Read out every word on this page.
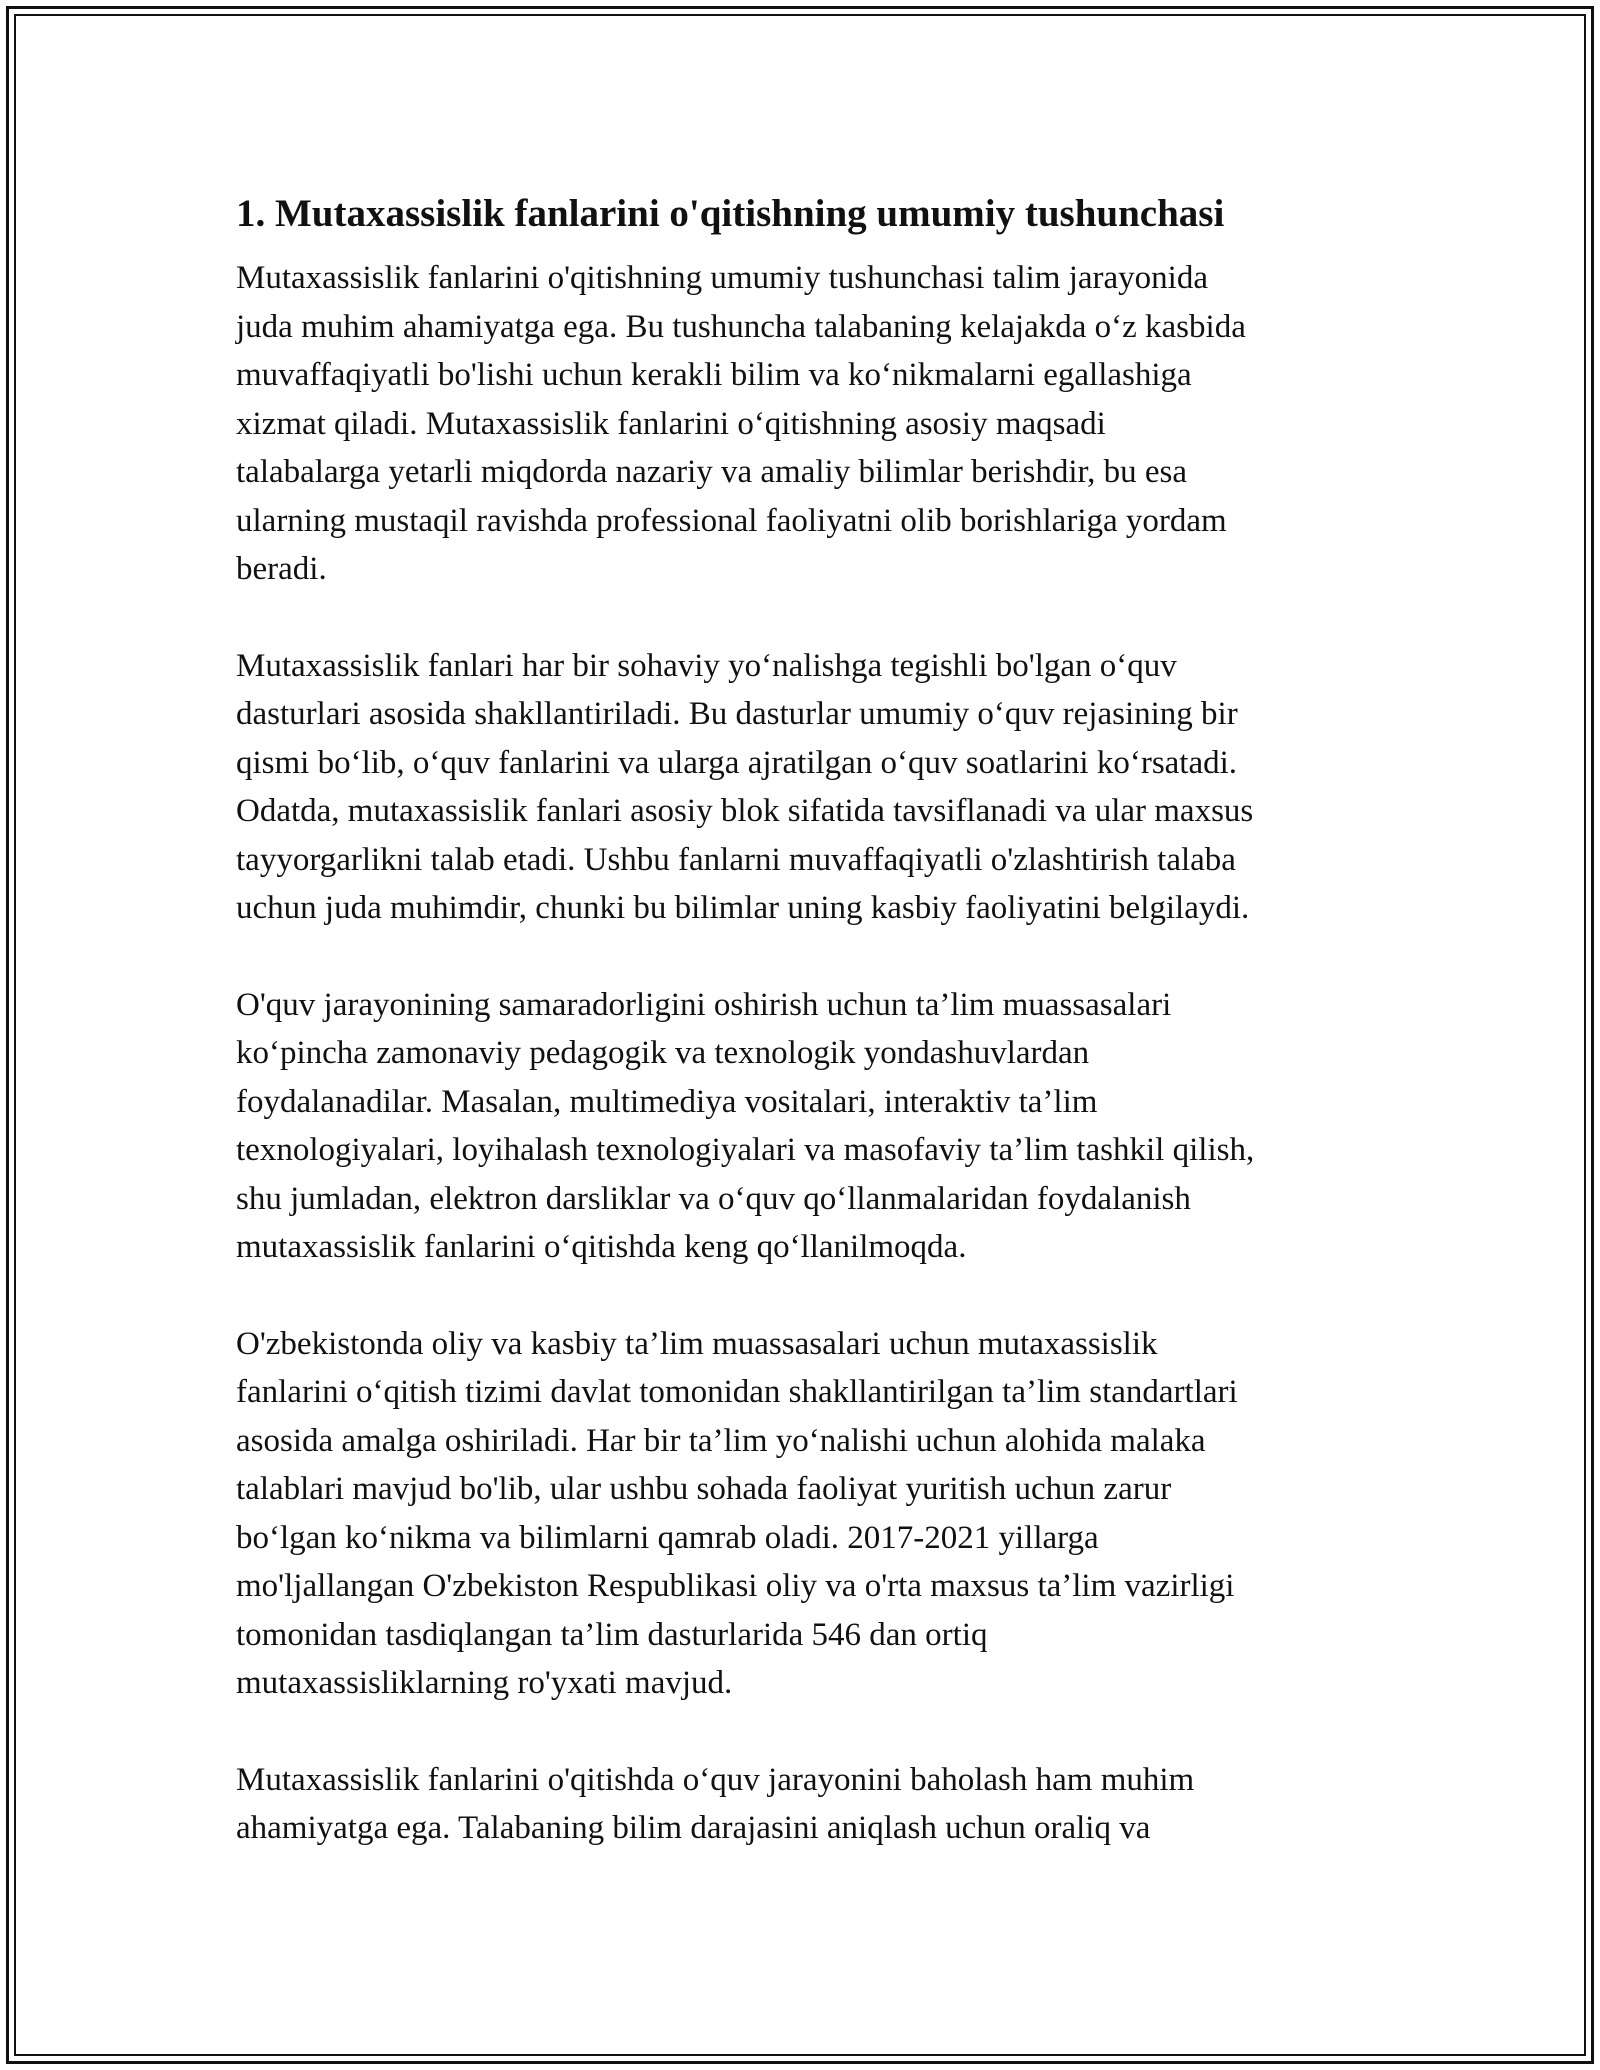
1. Mutaxassislik fanlarini o'qitishning umumiy tushunchasi
Mutaxassislik fanlarini o'qitishning umumiy tushunchasi talim jarayonida
juda muhim ahamiyatga ega. Bu tushuncha talabaning kelajakda o‘z kasbida
muvaffaqiyatli bo'lishi uchun kerakli bilim va ko‘nikmalarni egallashiga
xizmat qiladi. Mutaxassislik fanlarini o‘qitishning asosiy maqsadi
talabalarga yetarli miqdorda nazariy va amaliy bilimlar berishdir, bu esa
ularning mustaqil ravishda professional faoliyatni olib borishlariga yordam
beradi.
Mutaxassislik fanlari har bir sohaviy yo‘nalishga tegishli bo'lgan o‘quv
dasturlari asosida shakllantiriladi. Bu dasturlar umumiy o‘quv rejasining bir
qismi bo‘lib, o‘quv fanlarini va ularga ajratilgan o‘quv soatlarini ko‘rsatadi.
Odatda, mutaxassislik fanlari asosiy blok sifatida tavsiflanadi va ular maxsus
tayyorgarlikni talab etadi. Ushbu fanlarni muvaffaqiyatli o'zlashtirish talaba
uchun juda muhimdir, chunki bu bilimlar uning kasbiy faoliyatini belgilaydi.
O'quv jarayonining samaradorligini oshirish uchun ta’lim muassasalari
ko‘pincha zamonaviy pedagogik va texnologik yondashuvlardan
foydalanadilar. Masalan, multimediya vositalari, interaktiv ta’lim
texnologiyalari, loyihalash texnologiyalari va masofaviy ta’lim tashkil qilish,
shu jumladan, elektron darsliklar va o‘quv qo‘llanmalaridan foydalanish
mutaxassislik fanlarini o‘qitishda keng qo‘llanilmoqda.
O'zbekistonda oliy va kasbiy ta’lim muassasalari uchun mutaxassislik
fanlarini o‘qitish tizimi davlat tomonidan shakllantirilgan ta’lim standartlari
asosida amalga oshiriladi. Har bir ta’lim yo‘nalishi uchun alohida malaka
talablari mavjud bo'lib, ular ushbu sohada faoliyat yuritish uchun zarur
bo‘lgan ko‘nikma va bilimlarni qamrab oladi. 2017-2021 yillarga
mo'ljallangan O'zbekiston Respublikasi oliy va o'rta maxsus ta’lim vazirligi
tomonidan tasdiqlangan ta’lim dasturlarida 546 dan ortiq
mutaxassisliklarning ro'yxati mavjud.
Mutaxassislik fanlarini o'qitishda o‘quv jarayonini baholash ham muhim
ahamiyatga ega. Talabaning bilim darajasini aniqlash uchun oraliq va
